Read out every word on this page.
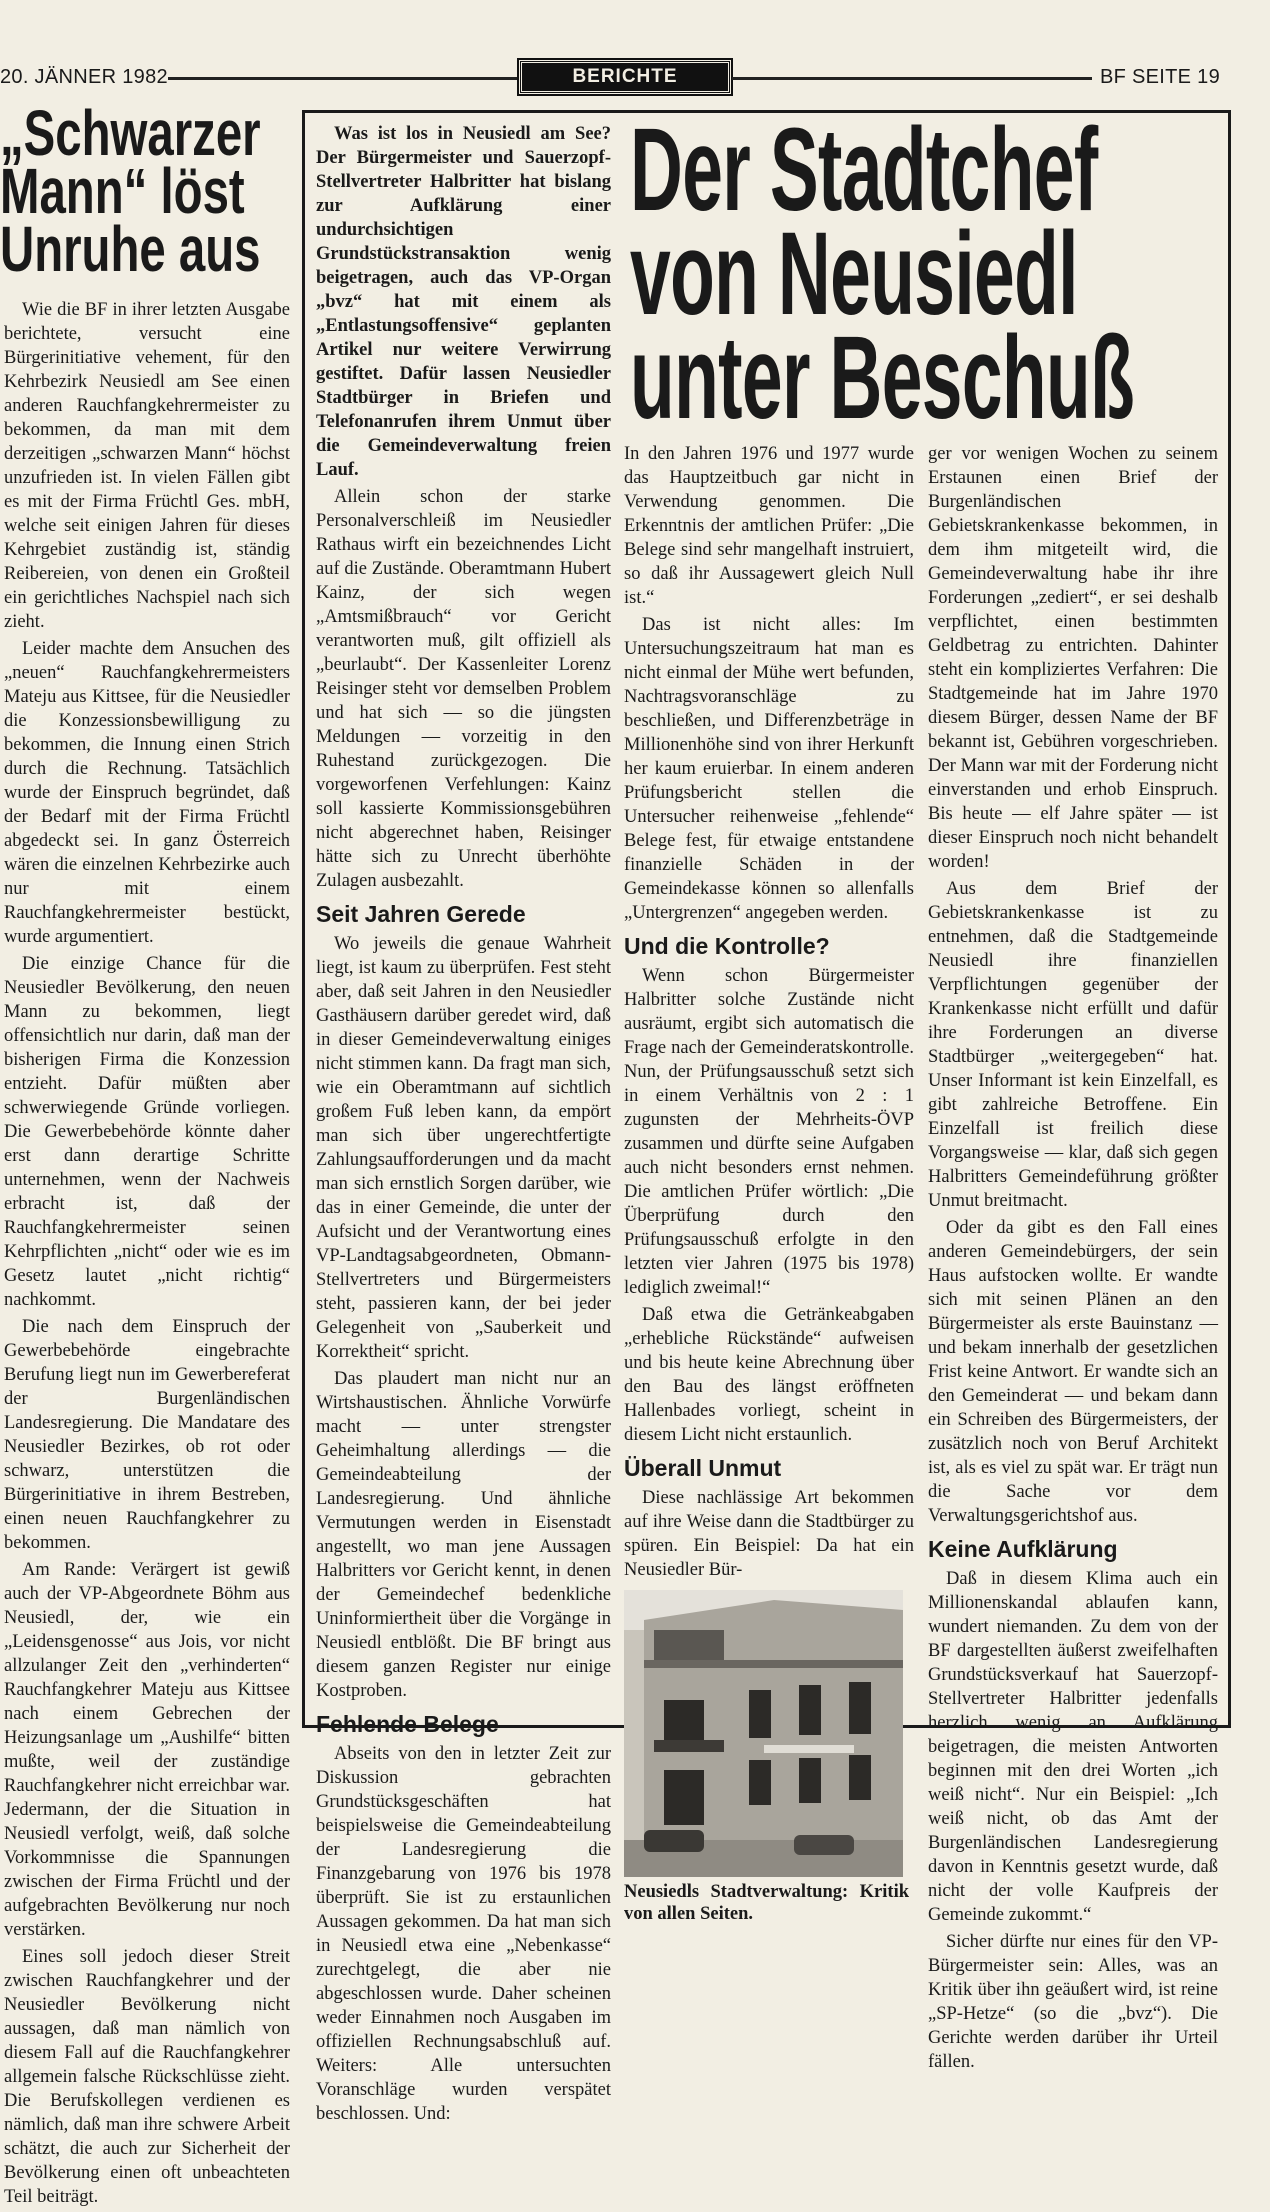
20. JÄNNER 1982	BERICHTE	BF SEITE 19
„Schwarzer
Mann“ löst
Unruhe aus

Wie die BF in ihrer letzten Ausgabe berichtete, versucht eine Bürgerinitiative vehement, für den Kehrbezirk Neusiedl am See einen anderen Rauchfangkehrermeister zu bekommen, da man mit dem derzeitigen „schwarzen Mann“ höchst unzufrieden ist. In vielen Fällen gibt es mit der Firma Früchtl Ges. mbH, welche seit einigen Jahren für dieses Kehrgebiet zuständig ist, ständig Reibereien, von denen ein Großteil ein gerichtliches Nachspiel nach sich zieht.

Leider machte dem Ansuchen des „neuen“ Rauchfangkehrermeisters Mateju aus Kittsee, für die Neusiedler die Konzessionsbewilligung zu bekommen, die Innung einen Strich durch die Rechnung. Tatsächlich wurde der Einspruch begründet, daß der Bedarf mit der Firma Früchtl abgedeckt sei. In ganz Österreich wären die einzelnen Kehrbezirke auch nur mit einem Rauchfangkehrermeister bestückt, wurde argumentiert.

Die einzige Chance für die Neusiedler Bevölkerung, den neuen Mann zu bekommen, liegt offensichtlich nur darin, daß man der bisherigen Firma die Konzession entzieht. Dafür müßten aber schwerwiegende Gründe vorliegen. Die Gewerbebehörde könnte daher erst dann derartige Schritte unternehmen, wenn der Nachweis erbracht ist, daß der Rauchfangkehrermeister seinen Kehrpflichten „nicht“ oder wie es im Gesetz lautet „nicht richtig“ nachkommt.

Die nach dem Einspruch der Gewerbebehörde eingebrachte Berufung liegt nun im Gewerbereferat der Burgenländischen Landesregierung. Die Mandatare des Neusiedler Bezirkes, ob rot oder schwarz, unterstützen die Bürgerinitiative in ihrem Bestreben, einen neuen Rauchfangkehrer zu bekommen.

Am Rande: Verärgert ist gewiß auch der VP-Abgeordnete Böhm aus Neusiedl, der, wie ein „Leidensgenosse“ aus Jois, vor nicht allzulanger Zeit den „verhinderten“ Rauchfangkehrer Mateju aus Kittsee nach einem Gebrechen der Heizungsanlage um „Aushilfe“ bitten mußte, weil der zuständige Rauchfangkehrer nicht erreichbar war. Jedermann, der die Situation in Neusiedl verfolgt, weiß, daß solche Vorkommnisse die Spannungen zwischen der Firma Früchtl und der aufgebrachten Bevölkerung nur noch verstärken.

Eines soll jedoch dieser Streit zwischen Rauchfangkehrer und der Neusiedler Bevölkerung nicht aussagen, daß man nämlich von diesem Fall auf die Rauchfangkehrer allgemein falsche Rückschlüsse zieht. Die Berufskollegen verdienen es nämlich, daß man ihre schwere Arbeit schätzt, die auch zur Sicherheit der Bevölkerung einen oft unbeachteten Teil beiträgt.

Was ist los in Neusiedl am See? Der Bürgermeister und Sauerzopf-Stellvertreter Halbritter hat bislang zur Aufklärung einer undurchsichtigen Grundstückstransaktion wenig beigetragen, auch das VP-Organ „bvz“ hat mit einem als „Entlastungsoffensive“ geplanten Artikel nur weitere Verwirrung gestiftet. Dafür lassen Neusiedler Stadtbürger in Briefen und Telefonanrufen ihrem Unmut über die Gemeindeverwaltung freien Lauf.

Allein schon der starke Personalverschleiß im Neusiedler Rathaus wirft ein bezeichnendes Licht auf die Zustände. Oberamtmann Hubert Kainz, der sich wegen „Amtsmißbrauch“ vor Gericht verantworten muß, gilt offiziell als „beurlaubt“. Der Kassenleiter Lorenz Reisinger steht vor demselben Problem und hat sich — so die jüngsten Meldungen — vorzeitig in den Ruhestand zurückgezogen. Die vorgeworfenen Verfehlungen: Kainz soll kassierte Kommissionsgebühren nicht abgerechnet haben, Reisinger hätte sich zu Unrecht überhöhte Zulagen ausbezahlt.

Seit Jahren Gerede

Wo jeweils die genaue Wahrheit liegt, ist kaum zu überprüfen. Fest steht aber, daß seit Jahren in den Neusiedler Gasthäusern darüber geredet wird, daß in dieser Gemeindeverwaltung einiges nicht stimmen kann. Da fragt man sich, wie ein Oberamtmann auf sichtlich großem Fuß leben kann, da empört man sich über ungerechtfertigte Zahlungsaufforderungen und da macht man sich ernstlich Sorgen darüber, wie das in einer Gemeinde, die unter der Aufsicht und der Verantwortung eines VP-Landtagsabgeordneten, Obmann-Stellvertreters und Bürgermeisters steht, passieren kann, der bei jeder Gelegenheit von „Sauberkeit und Korrektheit“ spricht.

Das plaudert man nicht nur an Wirtshaustischen. Ähnliche Vorwürfe macht — unter strengster Geheimhaltung allerdings — die Gemeindeabteilung der Landesregierung. Und ähnliche Vermutungen werden in Eisenstadt angestellt, wo man jene Aussagen Halbritters vor Gericht kennt, in denen der Gemeindechef bedenkliche Uninformiertheit über die Vorgänge in Neusiedl entblößt. Die BF bringt aus diesem ganzen Register nur einige Kostproben.

Fehlende Belege

Abseits von den in letzter Zeit zur Diskussion gebrachten Grundstücksgeschäften hat beispielsweise die Gemeindeabteilung der Landesregierung die Finanzgebarung von 1976 bis 1978 überprüft. Sie ist zu erstaunlichen Aussagen gekommen. Da hat man sich in Neusiedl etwa eine „Nebenkasse“ zurechtgelegt, die aber nie abgeschlossen wurde. Daher scheinen weder Einnahmen noch Ausgaben im offiziellen Rechnungsabschluß auf. Weiters: Alle untersuchten Voranschläge wurden verspätet beschlossen. Und:

Der Stadtchef
von Neusiedl
unter Beschuß

In den Jahren 1976 und 1977 wurde das Hauptzeitbuch gar nicht in Verwendung genommen. Die Erkenntnis der amtlichen Prüfer: „Die Belege sind sehr mangelhaft instruiert, so daß ihr Aussagewert gleich Null ist.“

Das ist nicht alles: Im Untersuchungszeitraum hat man es nicht einmal der Mühe wert befunden, Nachtragsvoranschläge zu beschließen, und Differenzbeträge in Millionenhöhe sind von ihrer Herkunft her kaum eruierbar. In einem anderen Prüfungsbericht stellen die Untersucher reihenweise „fehlende“ Belege fest, für etwaige entstandene finanzielle Schäden in der Gemeindekasse können so allenfalls „Untergrenzen“ angegeben werden.

Und die Kontrolle?

Wenn schon Bürgermeister Halbritter solche Zustände nicht ausräumt, ergibt sich automatisch die Frage nach der Gemeinderatskontrolle. Nun, der Prüfungsausschuß setzt sich in einem Verhältnis von 2 : 1 zugunsten der Mehrheits-ÖVP zusammen und dürfte seine Aufgaben auch nicht besonders ernst nehmen. Die amtlichen Prüfer wörtlich: „Die Überprüfung durch den Prüfungsausschuß erfolgte in den letzten vier Jahren (1975 bis 1978) lediglich zweimal!“

Daß etwa die Getränkeabgaben „erhebliche Rückstände“ aufweisen und bis heute keine Abrechnung über den Bau des längst eröffneten Hallenbades vorliegt, scheint in diesem Licht nicht erstaunlich.

Überall Unmut

Diese nachlässige Art bekommen auf ihre Weise dann die Stadtbürger zu spüren. Ein Beispiel: Da hat ein Neusiedler Bür-

Neusiedls Stadtverwaltung: Kritik von allen Seiten.

ger vor wenigen Wochen zu seinem Erstaunen einen Brief der Burgenländischen Gebietskrankenkasse bekommen, in dem ihm mitgeteilt wird, die Gemeindeverwaltung habe ihr ihre Forderungen „zediert“, er sei deshalb verpflichtet, einen bestimmten Geldbetrag zu entrichten. Dahinter steht ein kompliziertes Verfahren: Die Stadtgemeinde hat im Jahre 1970 diesem Bürger, dessen Name der BF bekannt ist, Gebühren vorgeschrieben. Der Mann war mit der Forderung nicht einverstanden und erhob Einspruch. Bis heute — elf Jahre später — ist dieser Einspruch noch nicht behandelt worden!

Aus dem Brief der Gebietskrankenkasse ist zu entnehmen, daß die Stadtgemeinde Neusiedl ihre finanziellen Verpflichtungen gegenüber der Krankenkasse nicht erfüllt und dafür ihre Forderungen an diverse Stadtbürger „weitergegeben“ hat. Unser Informant ist kein Einzelfall, es gibt zahlreiche Betroffene. Ein Einzelfall ist freilich diese Vorgangsweise — klar, daß sich gegen Halbritters Gemeindeführung größter Unmut breitmacht.

Oder da gibt es den Fall eines anderen Gemeindebürgers, der sein Haus aufstocken wollte. Er wandte sich mit seinen Plänen an den Bürgermeister als erste Bauinstanz — und bekam innerhalb der gesetzlichen Frist keine Antwort. Er wandte sich an den Gemeinderat — und bekam dann ein Schreiben des Bürgermeisters, der zusätzlich noch von Beruf Architekt ist, als es viel zu spät war. Er trägt nun die Sache vor dem Verwaltungsgerichtshof aus.

Keine Aufklärung

Daß in diesem Klima auch ein Millionenskandal ablaufen kann, wundert niemanden. Zu dem von der BF dargestellten äußerst zweifelhaften Grundstücksverkauf hat Sauerzopf-Stellvertreter Halbritter jedenfalls herzlich wenig an Aufklärung beigetragen, die meisten Antworten beginnen mit den drei Worten „ich weiß nicht“. Nur ein Beispiel: „Ich weiß nicht, ob das Amt der Burgenländischen Landesregierung davon in Kenntnis gesetzt wurde, daß nicht der volle Kaufpreis der Gemeinde zukommt.“

Sicher dürfte nur eines für den VP-Bürgermeister sein: Alles, was an Kritik über ihn geäußert wird, ist reine „SP-Hetze“ (so die „bvz“). Die Gerichte werden darüber ihr Urteil fällen.
